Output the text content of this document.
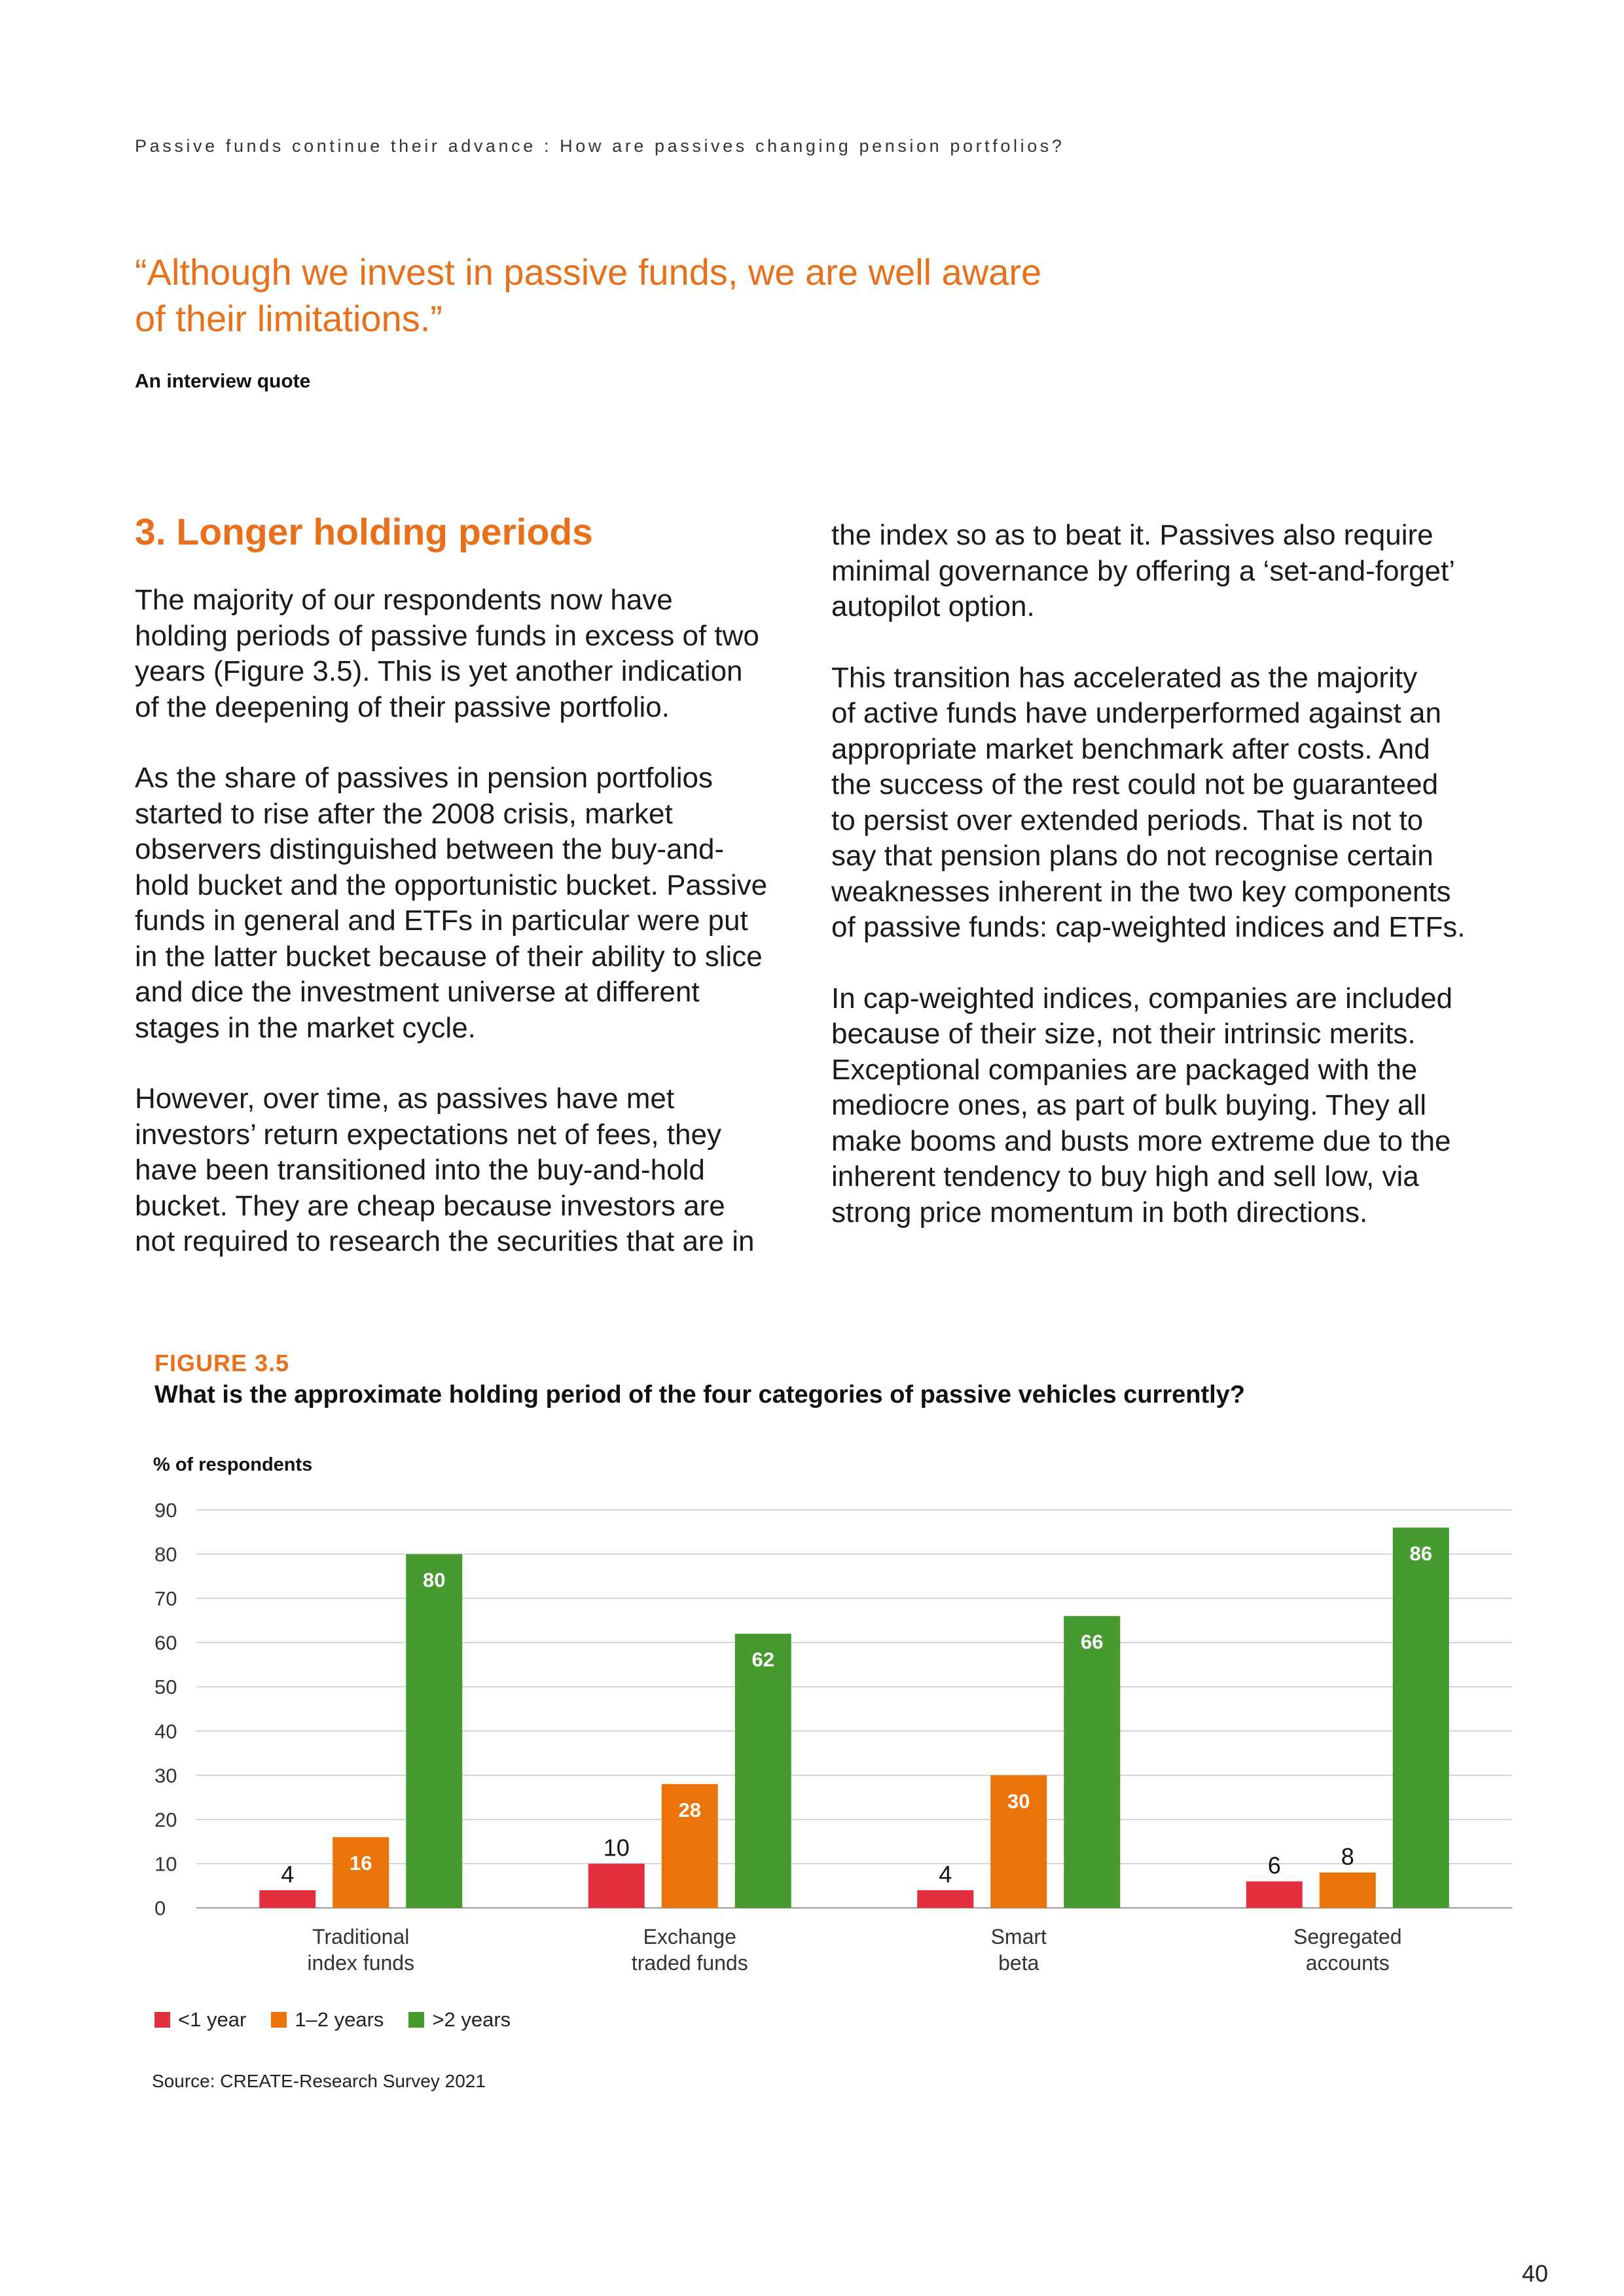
Passive funds continue their advance : How are passives changing pension portfolios?
“Although we invest in passive funds, we are well aware
of their limitations.”
An interview quote
3. Longer holding periods

The majority of our respondents now have
holding periods of passive funds in excess of two
years (Figure 3.5). This is yet another indication
of the deepening of their passive portfolio.

As the share of passives in pension portfolios
started to rise after the 2008 crisis, market
observers distinguished between the buy-and-
hold bucket and the opportunistic bucket. Passive
funds in general and ETFs in particular were put
in the latter bucket because of their ability to slice
and dice the investment universe at different
stages in the market cycle.

However, over time, as passives have met
investors’ return expectations net of fees, they
have been transitioned into the buy-and-hold
bucket. They are cheap because investors are
not required to research the securities that are in

the index so as to beat it. Passives also require
minimal governance by offering a ‘set-and-forget’
autopilot option.

This transition has accelerated as the majority
of active funds have underperformed against an
appropriate market benchmark after costs. And
the success of the rest could not be guaranteed
to persist over extended periods. That is not to
say that pension plans do not recognise certain
weaknesses inherent in the two key components
of passive funds: cap-weighted indices and ETFs.

In cap-weighted indices, companies are included
because of their size, not their intrinsic merits.
Exceptional companies are packaged with the
mediocre ones, as part of bulk buying. They all
make booms and busts more extreme due to the
inherent tendency to buy high and sell low, via
strong price momentum in both directions.

FIGURE 3.5
What is the approximate holding period of the four categories of passive vehicles currently?
% of respondents
0
10
20
30
40
50
60
70
80
90
4	16
80
Traditional
index funds
10
28
62
Exchange
traded funds
4
30
66
Smart
beta
6	8
86
Segregated
accounts
<1 year 1–2 years >2 years
Source: CREATE-Research Survey 2021
40
